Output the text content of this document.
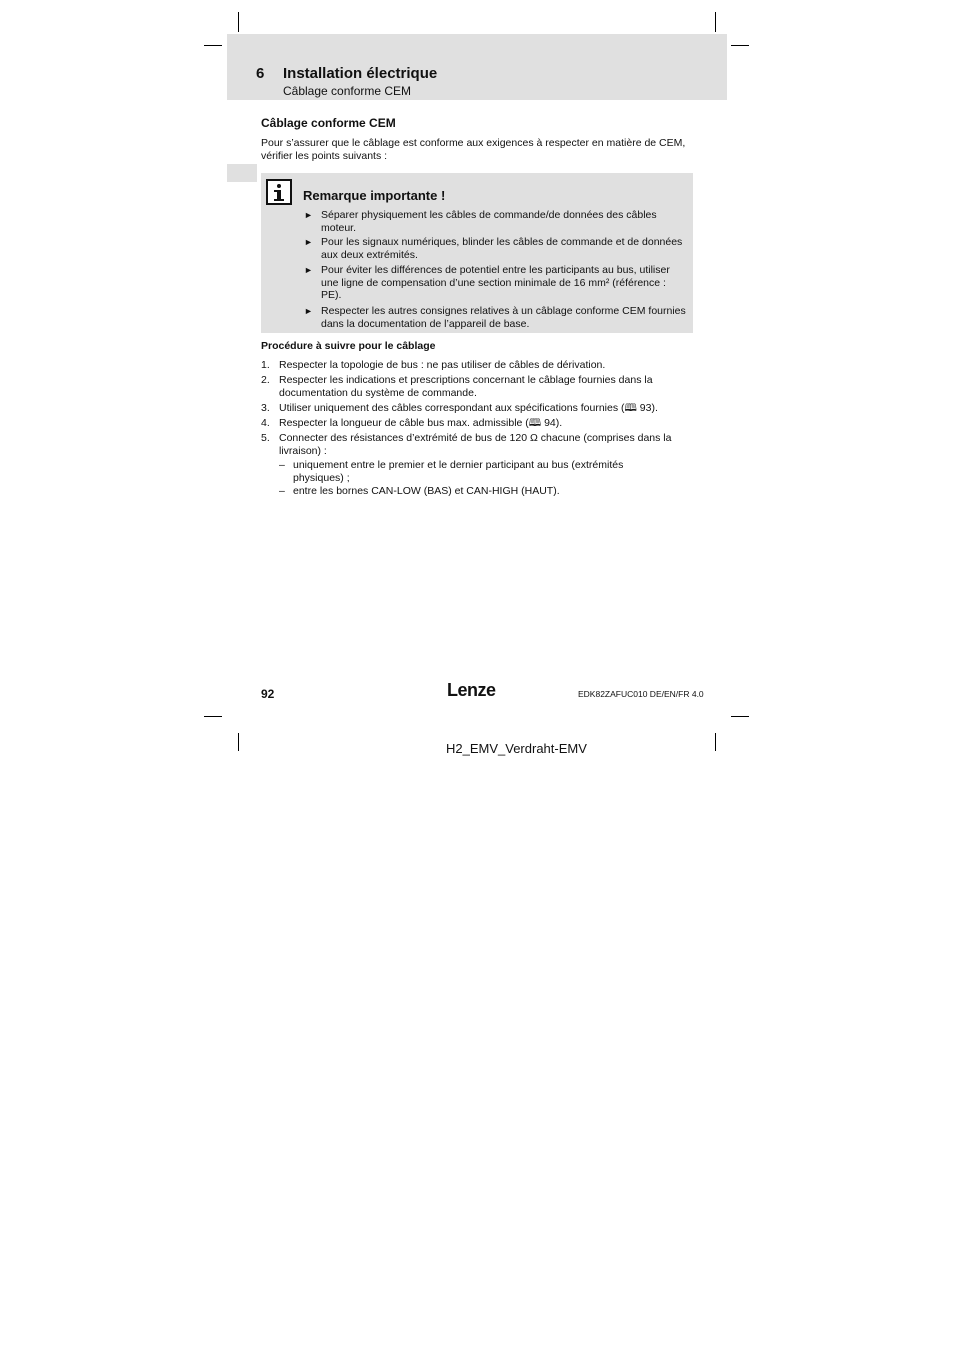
6 Installation électrique
Câblage conforme CEM
Câblage conforme CEM
Pour s’assurer que le câblage est conforme aux exigences à respecter en matière de CEM, vérifier les points suivants :
Remarque importante !
► Séparer physiquement les câbles de commande/de données des câbles moteur.
► Pour les signaux numériques, blinder les câbles de commande et de données aux deux extrémités.
► Pour éviter les différences de potentiel entre les participants au bus, utiliser une ligne de compensation d’une section minimale de 16 mm² (référence : PE).
► Respecter les autres consignes relatives à un câblage conforme CEM fournies dans la documentation de l’appareil de base.
Procédure à suivre pour le câblage
1. Respecter la topologie de bus : ne pas utiliser de câbles de dérivation.
2. Respecter les indications et prescriptions concernant le câblage fournies dans la documentation du système de commande.
3. Utiliser uniquement des câbles correspondant aux spécifications fournies (🕮 93).
4. Respecter la longueur de câble bus max. admissible (🕮 94).
5. Connecter des résistances d’extrémité de bus de 120 Ω chacune (comprises dans la livraison) :
– uniquement entre le premier et le dernier participant au bus (extrémités physiques) ;
– entre les bornes CAN-LOW (BAS) et CAN-HIGH (HAUT).
92	Lenze	EDK82ZAFUC010 DE/EN/FR 4.0
H2_EMV_Verdraht-EMV
